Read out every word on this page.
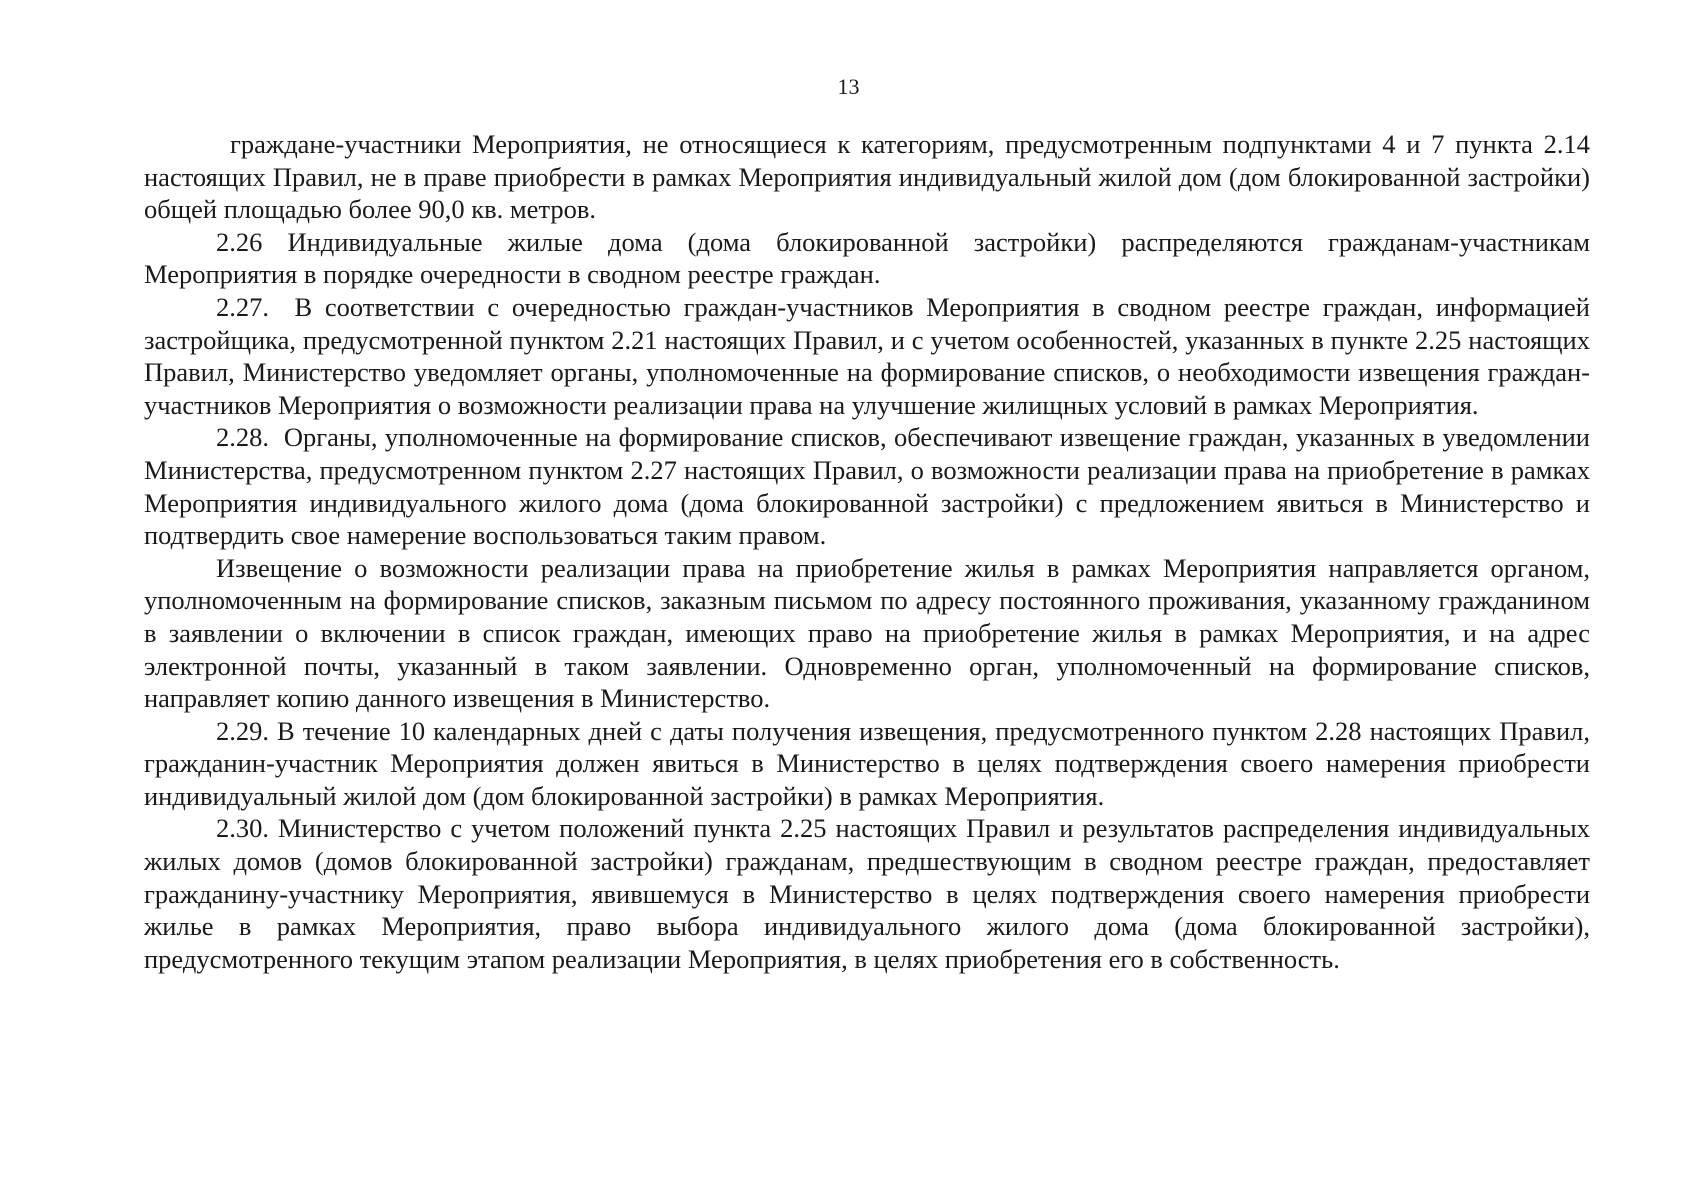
13

граждане-участники Мероприятия, не относящиеся к категориям, предусмотренным подпунктами 4 и 7 пункта 2.14 настоящих Правил, не в праве приобрести в рамках Мероприятия индивидуальный жилой дом (дом блокированной застройки) общей площадью более 90,0 кв. метров.

2.26 Индивидуальные жилые дома (дома блокированной застройки) распределяются гражданам-участникам Мероприятия в порядке очередности в сводном реестре граждан.

2.27.  В соответствии с очередностью граждан-участников Мероприятия в сводном реестре граждан, информацией застройщика, предусмотренной пунктом 2.21 настоящих Правил, и с учетом особенностей, указанных в пункте 2.25 настоящих Правил, Министерство уведомляет органы, уполномоченные на формирование списков, о необходимости извещения граждан-участников Мероприятия о возможности реализации права на улучшение жилищных условий в рамках Мероприятия.

2.28.  Органы, уполномоченные на формирование списков, обеспечивают извещение граждан, указанных в уведомлении Министерства, предусмотренном пунктом 2.27 настоящих Правил, о возможности реализации права на приобретение в рамках Мероприятия индивидуального жилого дома (дома блокированной застройки) с предложением явиться в Министерство и подтвердить свое намерение воспользоваться таким правом.

Извещение о возможности реализации права на приобретение жилья в рамках Мероприятия направляется органом, уполномоченным на формирование списков, заказным письмом по адресу постоянного проживания, указанному гражданином в заявлении о включении в список граждан, имеющих право на приобретение жилья в рамках Мероприятия, и на адрес электронной почты, указанный в таком заявлении. Одновременно орган, уполномоченный на формирование списков, направляет копию данного извещения в Министерство.

2.29. В течение 10 календарных дней с даты получения извещения, предусмотренного пунктом 2.28 настоящих Правил, гражданин-участник Мероприятия должен явиться в Министерство в целях подтверждения своего намерения приобрести индивидуальный жилой дом (дом блокированной застройки) в рамках Мероприятия.

2.30. Министерство с учетом положений пункта 2.25 настоящих Правил и результатов распределения индивидуальных жилых домов (домов блокированной застройки) гражданам, предшествующим в сводном реестре граждан, предоставляет гражданину-участнику Мероприятия, явившемуся в Министерство в целях подтверждения своего намерения приобрести жилье в рамках Мероприятия, право выбора индивидуального жилого дома (дома блокированной застройки), предусмотренного текущим этапом реализации Мероприятия, в целях приобретения его в собственность.
